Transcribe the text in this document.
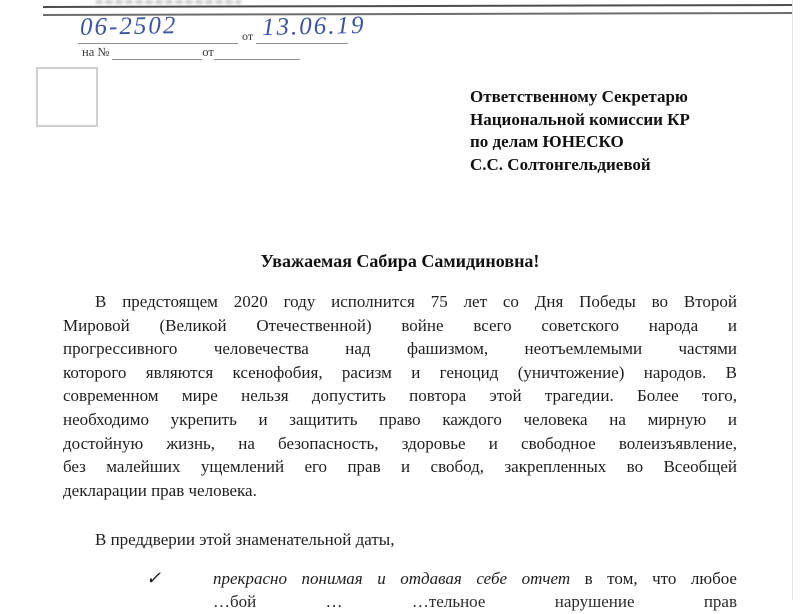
06-2502	от 13.06.19
на №	от
Ответственному Секретарю
Национальной комиссии КР
по делам ЮНЕСКО
С.С. Солтонгельдиевой
Уважаемая Сабира Самидиновна!
В предстоящем 2020 году исполнится 75 лет со Дня Победы во Второй
Мировой (Великой Отечественной) войне всего советского народа и
прогрессивного человечества над фашизмом, неотъемлемыми частями
которого являются ксенофобия, расизм и геноцид (уничтожение) народов. В
современном мире нельзя допустить повтора этой трагедии. Более того,
необходимо укрепить и защитить право каждого человека на мирную и
достойную жизнь, на безопасность, здоровье и свободное волеизъявление,
без малейших ущемлений его прав и свобод, закрепленных во Всеобщей
декларации прав человека.
В преддверии этой знаменательной даты,
✓	прекрасно понимая и отдавая себе отчет в том, что любое
…бой … …тельное нарушение прав
